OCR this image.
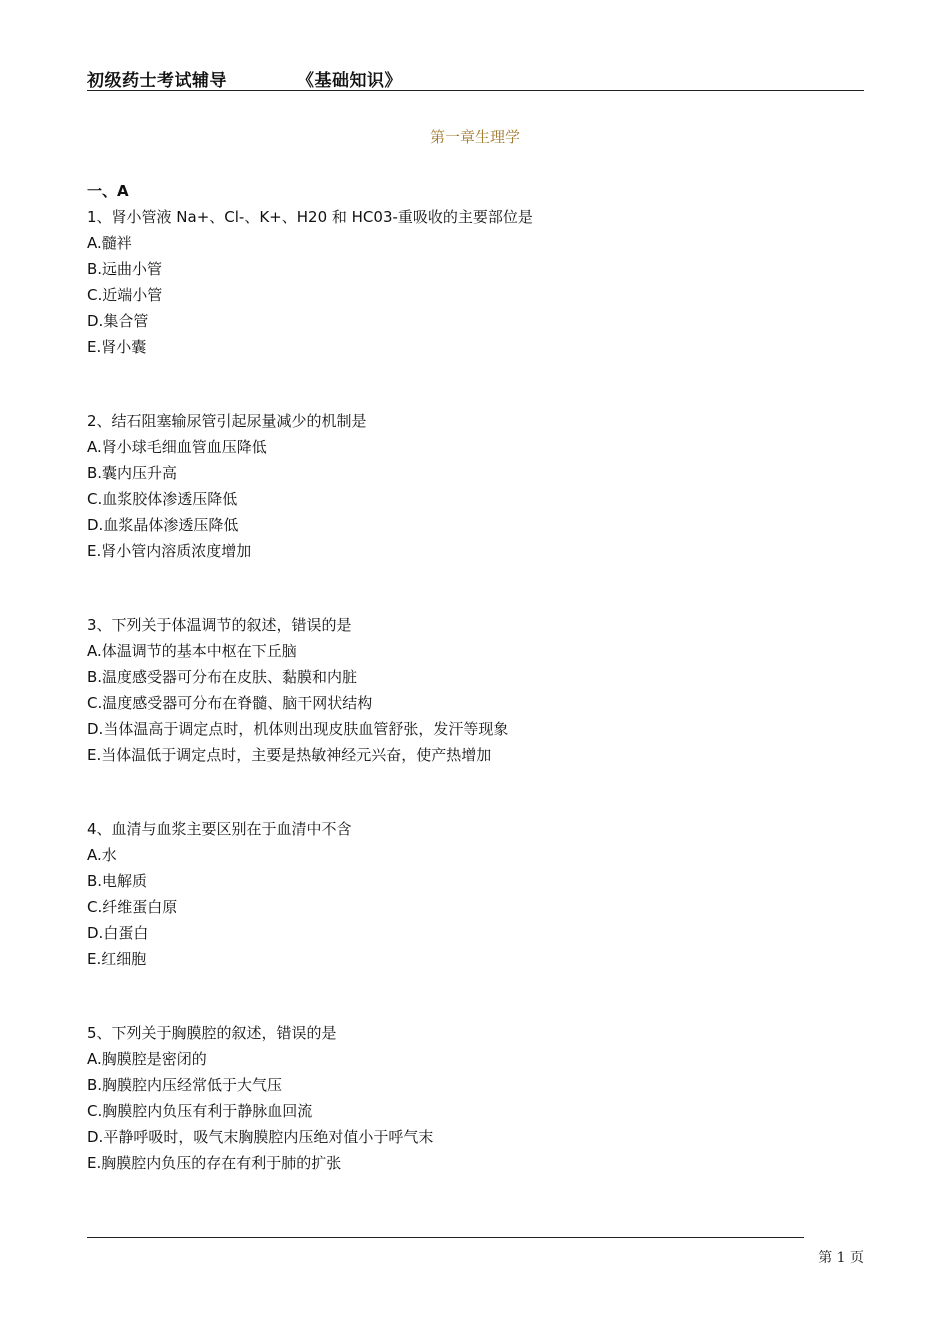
初级药士考试辅导	《基础知识》
第一章生理学
一、A
1、肾小管液 Na+、Cl-、K+、H20 和 HC03-重吸收的主要部位是
A.髓袢
B.远曲小管
C.近端小管
D.集合管
E.肾小囊
2、结石阻塞输尿管引起尿量减少的机制是
A.肾小球毛细血管血压降低
B.囊内压升高
C.血浆胶体渗透压降低
D.血浆晶体渗透压降低
E.肾小管内溶质浓度增加
3、下列关于体温调节的叙述，错误的是
A.体温调节的基本中枢在下丘脑
B.温度感受器可分布在皮肤、黏膜和内脏
C.温度感受器可分布在脊髓、脑干网状结构
D.当体温高于调定点时，机体则出现皮肤血管舒张，发汗等现象
E.当体温低于调定点时，主要是热敏神经元兴奋，使产热增加
4、血清与血浆主要区别在于血清中不含
A.水
B.电解质
C.纤维蛋白原
D.白蛋白
E.红细胞
5、下列关于胸膜腔的叙述，错误的是
A.胸膜腔是密闭的
B.胸膜腔内压经常低于大气压
C.胸膜腔内负压有利于静脉血回流
D.平静呼吸时，吸气末胸膜腔内压绝对值小于呼气末
E.胸膜腔内负压的存在有利于肺的扩张
第 1 页
